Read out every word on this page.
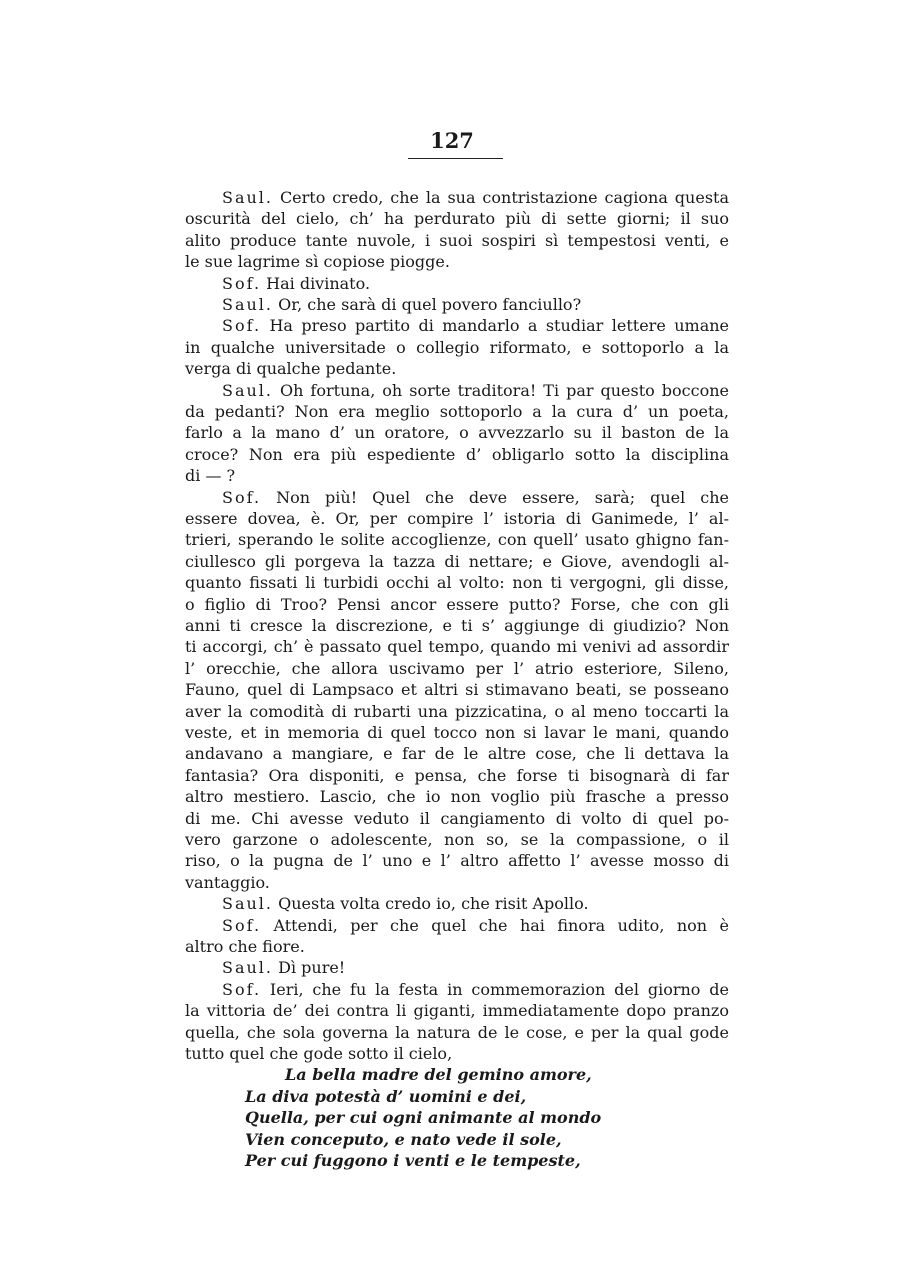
127
Saul. Certo credo, che la sua contristazione cagiona questa
oscurità del cielo, ch’ ha perdurato più di sette giorni; il suo
alito produce tante nuvole, i suoi sospiri sì tempestosi venti, e
le sue lagrime sì copiose piogge.
Sof. Hai divinato.
Saul. Or, che sarà di quel povero fanciullo?
Sof. Ha preso partito di mandarlo a studiar lettere umane
in qualche universitade o collegio riformato, e sottoporlo a la
verga di qualche pedante.
Saul. Oh fortuna, oh sorte traditora! Ti par questo boccone
da pedanti? Non era meglio sottoporlo a la cura d’ un poeta,
farlo a la mano d’ un oratore, o avvezzarlo su il baston de la
croce? Non era più espediente d’ obligarlo sotto la disciplina
di — ?
Sof. Non più! Quel che deve essere, sarà; quel che
essere dovea, è. Or, per compire l’ istoria di Ganimede, l’ al-
trieri, sperando le solite accoglienze, con quell’ usato ghigno fan-
ciullesco gli porgeva la tazza di nettare; e Giove, avendogli al-
quanto fissati li turbidi occhi al volto: non ti vergogni, gli disse,
o figlio di Troo? Pensi ancor essere putto? Forse, che con gli
anni ti cresce la discrezione, e ti s’ aggiunge di giudizio? Non
ti accorgi, ch’ è passato quel tempo, quando mi venivi ad assordir
l’ orecchie, che allora uscivamo per l’ atrio esteriore, Sileno,
Fauno, quel di Lampsaco et altri si stimavano beati, se posseano
aver la comodità di rubarti una pizzicatina, o al meno toccarti la
veste, et in memoria di quel tocco non si lavar le mani, quando
andavano a mangiare, e far de le altre cose, che li dettava la
fantasia? Ora disponiti, e pensa, che forse ti bisognarà di far
altro mestiero. Lascio, che io non voglio più frasche a presso
di me. Chi avesse veduto il cangiamento di volto di quel po-
vero garzone o adolescente, non so, se la compassione, o il
riso, o la pugna de l’ uno e l’ altro affetto l’ avesse mosso di
vantaggio.
Saul. Questa volta credo io, che risit Apollo.
Sof. Attendi, per che quel che hai finora udito, non è
altro che fiore.
Saul. Dì pure!
Sof. Ieri, che fu la festa in commemorazion del giorno de
la vittoria de’ dei contra li giganti, immediatamente dopo pranzo
quella, che sola governa la natura de le cose, e per la qual gode
tutto quel che gode sotto il cielo,
La bella madre del gemino amore,
La diva potestà d’ uomini e dei,
Quella, per cui ogni animante al mondo
Vien conceputo, e nato vede il sole,
Per cui fuggono i venti e le tempeste,
